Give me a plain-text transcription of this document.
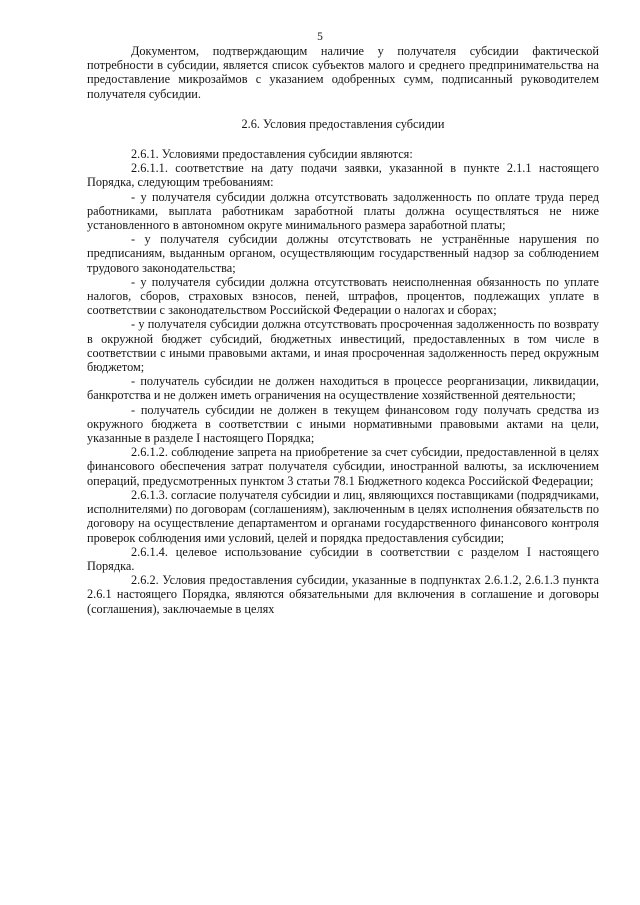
5

Документом, подтверждающим наличие у получателя субсидии фактической потребности в субсидии, является список субъектов малого и среднего предпринимательства на предоставление микрозаймов с указанием одобренных сумм, подписанный руководителем получателя субсидии.

2.6. Условия предоставления субсидии

2.6.1. Условиями предоставления субсидии являются:

2.6.1.1. соответствие на дату подачи заявки, указанной в пункте 2.1.1 настоящего Порядка, следующим требованиям:

- у получателя субсидии должна отсутствовать задолженность по оплате труда перед работниками, выплата работникам заработной платы должна осуществляться не ниже установленного в автономном округе минимального размера заработной платы;

- у получателя субсидии должны отсутствовать не устранённые нарушения по предписаниям, выданным органом, осуществляющим государственный надзор за соблюдением трудового законодательства;

- у получателя субсидии должна отсутствовать неисполненная обязанность по уплате налогов, сборов, страховых взносов, пеней, штрафов, процентов, подлежащих уплате в соответствии с законодательством Российской Федерации о налогах и сборах;

- у получателя субсидии должна отсутствовать просроченная задолженность по возврату в окружной бюджет субсидий, бюджетных инвестиций, предоставленных в том числе в соответствии с иными правовыми актами, и иная просроченная задолженность перед окружным бюджетом;

- получатель субсидии не должен находиться в процессе реорганизации, ликвидации, банкротства и не должен иметь ограничения на осуществление хозяйственной деятельности;

- получатель субсидии не должен в текущем финансовом году получать средства из окружного бюджета в соответствии с иными нормативными правовыми актами на цели, указанные в разделе I настоящего Порядка;

2.6.1.2. соблюдение запрета на приобретение за счет субсидии, предоставленной в целях финансового обеспечения затрат получателя субсидии, иностранной валюты, за исключением операций, предусмотренных пунктом 3 статьи 78.1 Бюджетного кодекса Российской Федерации;

2.6.1.3. согласие получателя субсидии и лиц, являющихся поставщиками (подрядчиками, исполнителями) по договорам (соглашениям), заключенным в целях исполнения обязательств по договору на осуществление департаментом и органами государственного финансового контроля проверок соблюдения ими условий, целей и порядка предоставления субсидии;

2.6.1.4. целевое использование субсидии в соответствии с разделом I настоящего Порядка.

2.6.2. Условия предоставления субсидии, указанные в подпунктах 2.6.1.2, 2.6.1.3 пункта 2.6.1 настоящего Порядка, являются обязательными для включения в соглашение и договоры (соглашения), заключаемые в целях
